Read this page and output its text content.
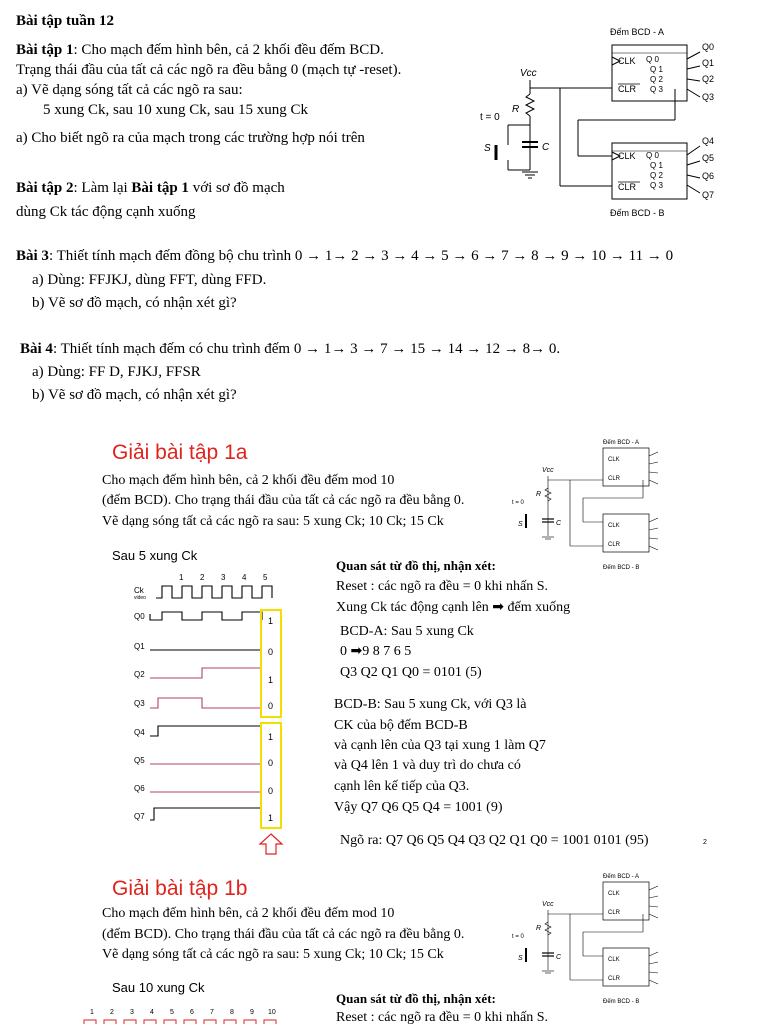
Bài tập tuần 12
Bài tập 1: Cho mạch đếm hình bên, cả 2 khối đều đếm BCD.
Trạng thái đầu của tất cả các ngõ ra đều bằng 0 (mạch tự -reset).
a) Vẽ dạng sóng tất cả các ngõ ra sau:
5 xung Ck, sau 10 xung Ck, sau 15 xung Ck
a) Cho biết ngõ ra của mạch trong các trường hợp nói trên
Bài tập 2: Làm lại Bài tập 1 với sơ đồ mạch
dùng Ck tác động cạnh xuống
Bài 3: Thiết tính mạch đếm đồng bộ chu trình 0 → 1→ 2 → 3 → 4 → 5 → 6 → 7 → 8 → 9 → 10 → 11 → 0
a) Dùng: FFJKJ, dùng FFT, dùng FFD.
b) Vẽ sơ đồ mạch, có nhận xét gì?
Bài 4: Thiết tính mạch đếm có chu trình đếm 0 → 1→ 3 → 7 → 15 → 14 → 12 → 8→ 0.
a) Dùng: FF D, FJKJ, FFSR
b) Vẽ sơ đồ mạch, có nhận xét gì?
Đếm BCD - A
CLK
CLR
Q 0
Q 1
Q 2
Q 3
Q0
Q1
Q2
Q3
CLK
CLR
Q 0
Q 1
Q 2
Q 3
Q4
Q5
Q6
Q7
Đếm BCD - B
Vcc
R
C
t = 0
S
Giải bài tập 1a
Cho mạch đếm hình bên, cả 2 khối đều đếm mod 10
(đếm BCD). Cho trạng thái đầu của tất cả các ngõ ra đều bằng 0.
Vẽ dạng sóng tất cả các ngõ ra sau: 5 xung Ck; 10 Ck; 15 Ck
Đếm BCD - A
CLK
CLR
CLK
CLR
Đếm BCD - B
Vcc
R
C
t = 0
S
Sau 5 xung Ck
1 2 3 4 5
Ck
video
Q0
Q1
Q2
Q3
Q4
Q5
Q6
Q7
1
0
1
0
1
0
0
1
Quan sát từ đồ thị, nhận xét:
Reset : các ngõ ra đều = 0 khi nhấn S.
Xung Ck tác động cạnh lên ➡ đếm xuống
BCD-A: Sau 5 xung Ck
0 ➡9 8 7 6 5
Q3 Q2 Q1 Q0 = 0101 (5)
BCD-B: Sau 5 xung Ck, với Q3 là
CK của bộ đếm BCD-B
và cạnh lên của Q3 tại xung 1 làm Q7
và Q4 lên 1 và duy trì do chưa có
cạnh lên kế tiếp của Q3.
Vậy Q7 Q6 Q5 Q4 = 1001 (9)
Ngõ ra: Q7 Q6 Q5 Q4 Q3 Q2 Q1 Q0 = 1001 0101 (95)	2
Giải bài tập 1b
Cho mạch đếm hình bên, cả 2 khối đều đếm mod 10
(đếm BCD). Cho trạng thái đầu của tất cả các ngõ ra đều bằng 0.
Vẽ dạng sóng tất cả các ngõ ra sau: 5 xung Ck; 10 Ck; 15 Ck
Đếm BCD - A
CLK
CLR
CLK
CLR
Đếm BCD - B
Vcc
R
C
t = 0
S
Sau 10 xung Ck
1 2 3 4 5 6 7 8 9 10
Quan sát từ đồ thị, nhận xét:
Reset : các ngõ ra đều = 0 khi nhấn S.
